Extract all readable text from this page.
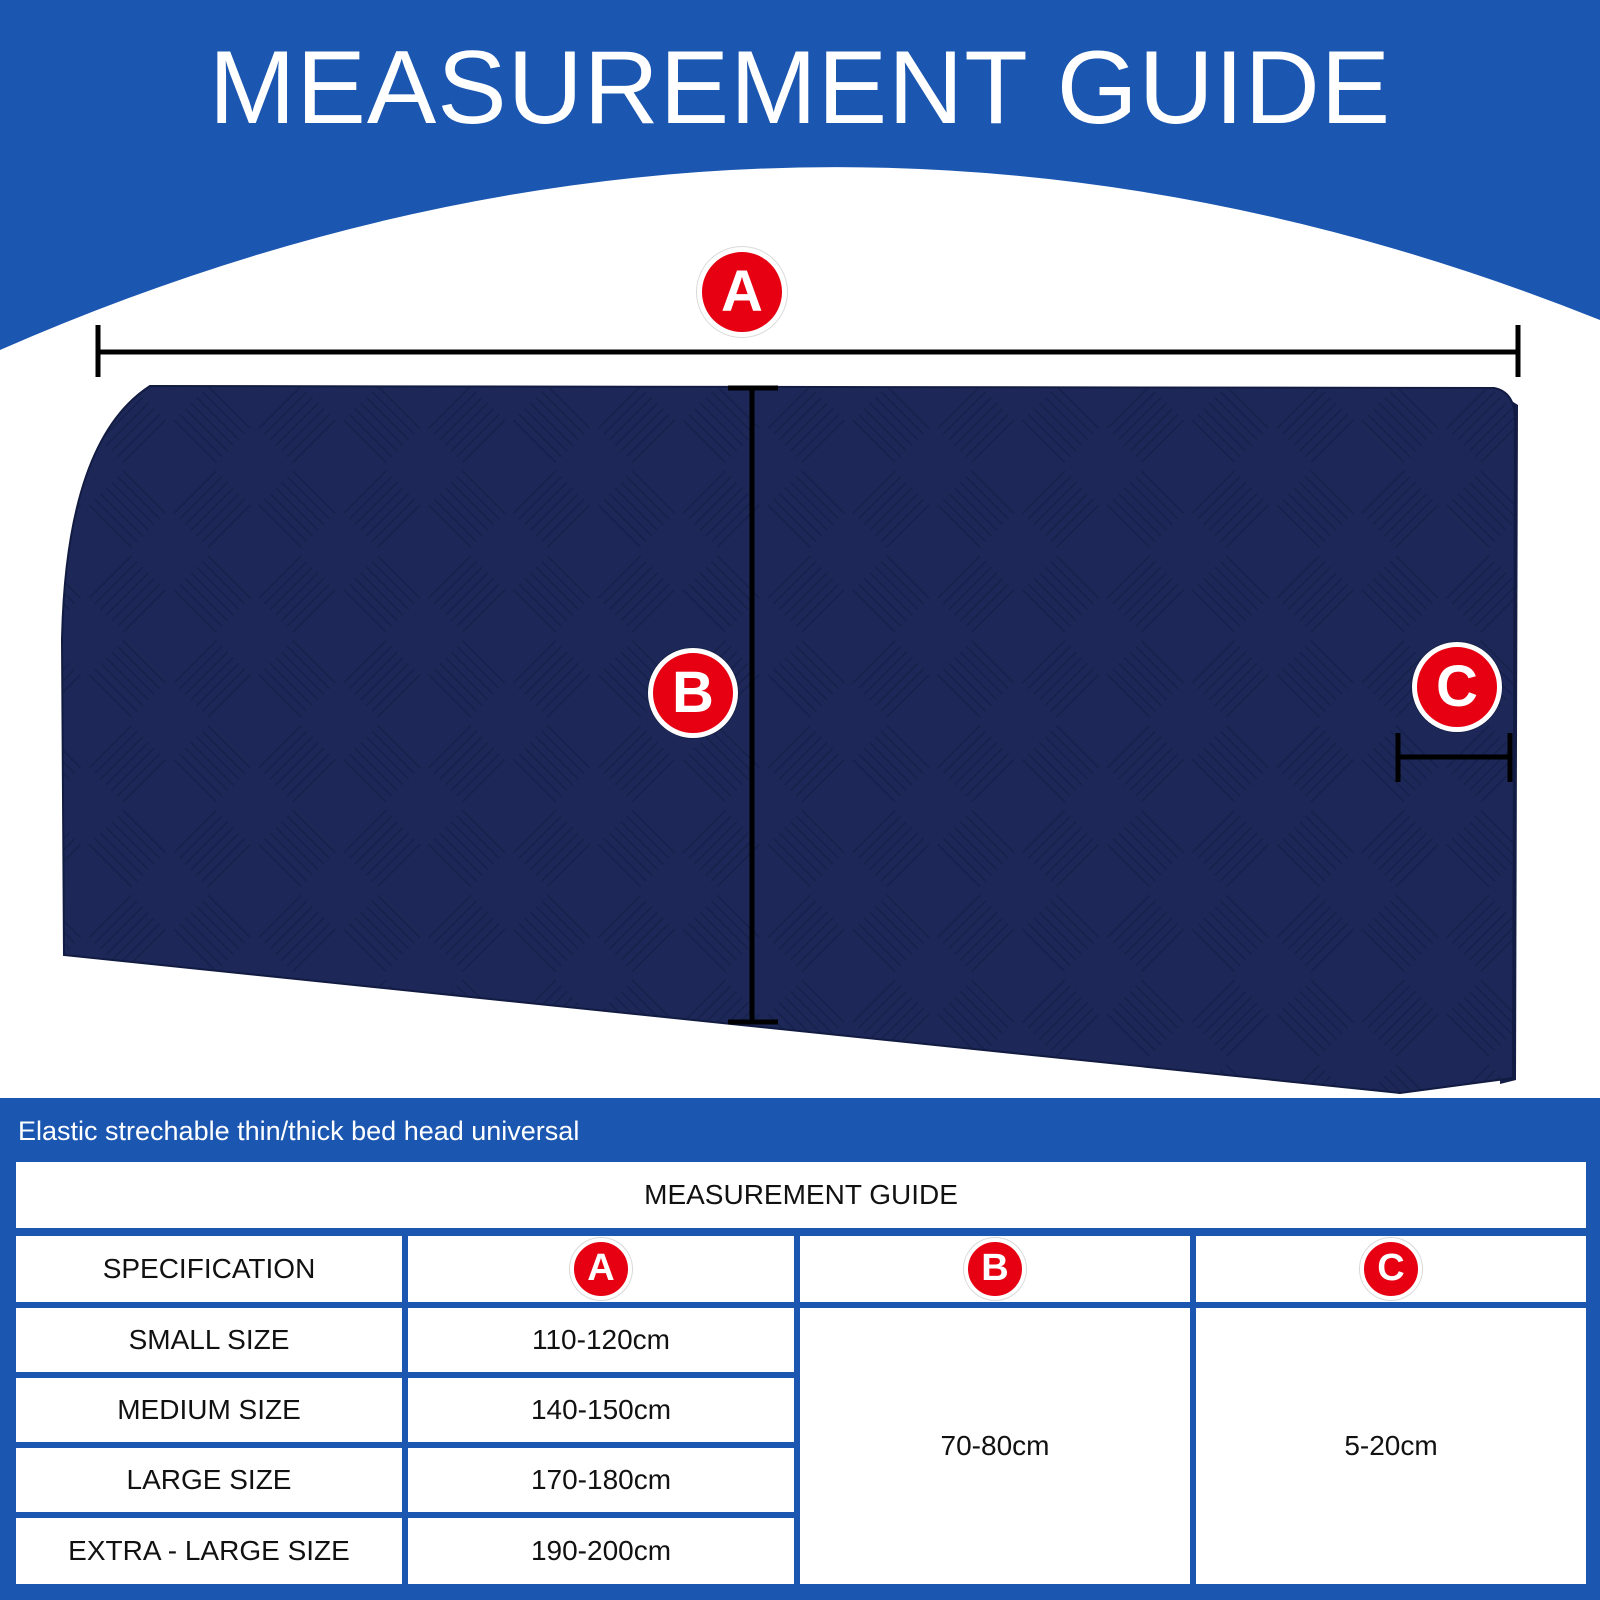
MEASUREMENT GUIDE
A
B	C
Elastic strechable thin/thick bed head universal
MEASUREMENT GUIDE
SPECIFICATION	A	B	C
SMALL SIZE	110-120cm
MEDIUM SIZE	140-150cm
LARGE SIZE	170-180cm
EXTRA - LARGE SIZE	190-200cm
70-80cm	5-20cm
